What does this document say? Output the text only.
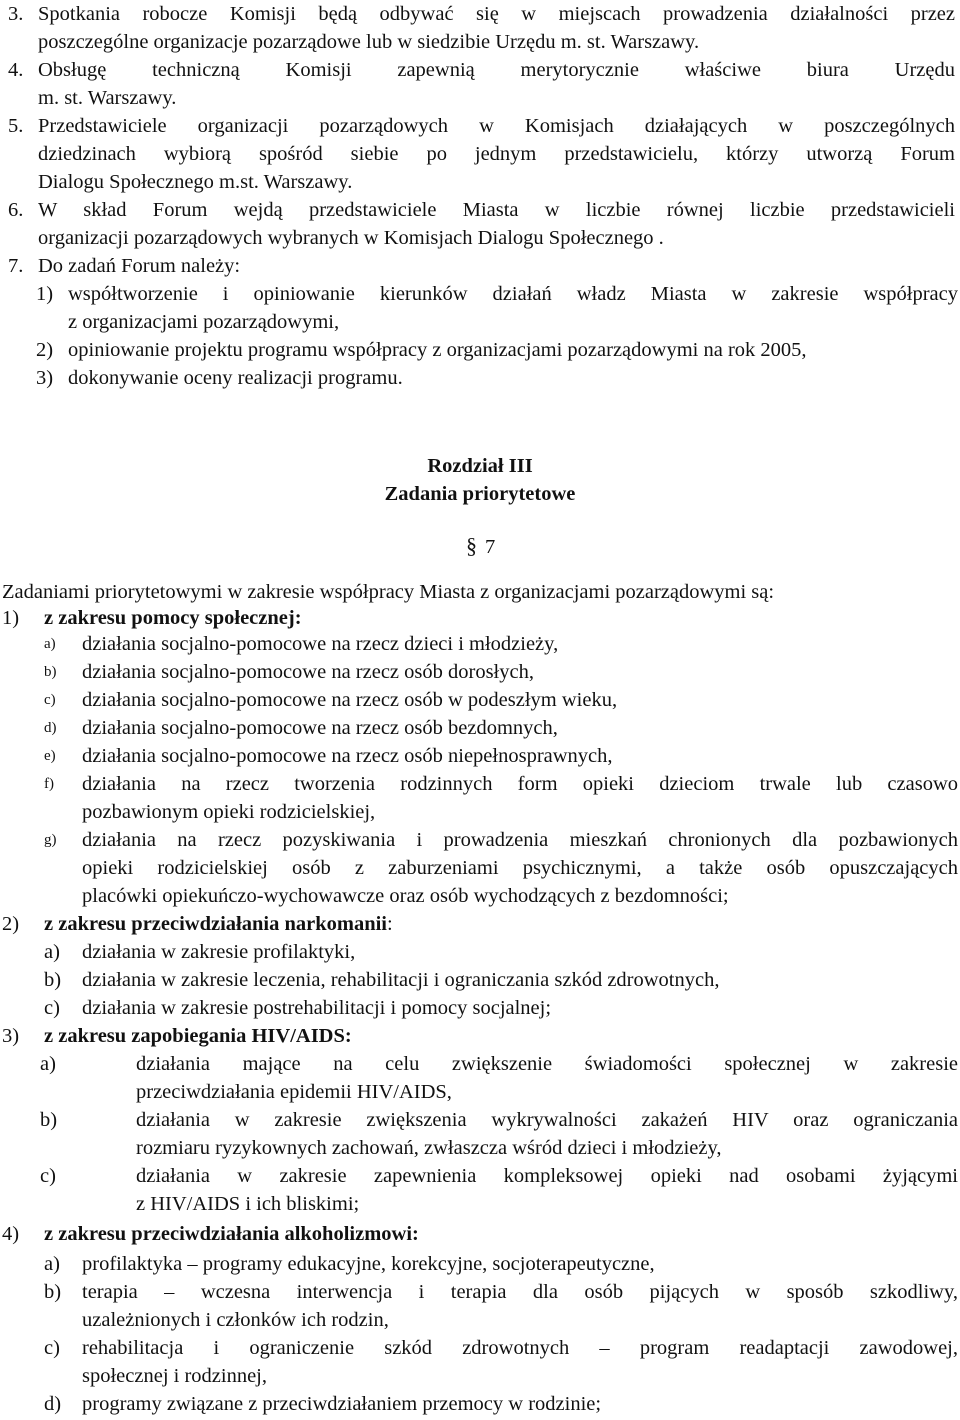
3. Spotkania robocze Komisji będą odbywać się w miejscach prowadzenia działalności przez
poszczególne organizacje pozarządowe lub w siedzibie Urzędu m. st. Warszawy.
4. Obsługę techniczną Komisji zapewnią merytorycznie właściwe biura Urzędu
m. st. Warszawy.
5. Przedstawiciele organizacji pozarządowych w Komisjach działających w poszczególnych
dziedzinach wybiorą spośród siebie po jednym przedstawicielu, którzy utworzą Forum
Dialogu Społecznego m.st. Warszawy.
6. W skład Forum wejdą przedstawiciele Miasta w liczbie równej liczbie przedstawicieli
organizacji pozarządowych wybranych w Komisjach Dialogu Społecznego .
7. Do zadań Forum należy:
1) współtworzenie i opiniowanie kierunków działań władz Miasta w zakresie współpracy
z organizacjami pozarządowymi,
2) opiniowanie projektu programu współpracy z organizacjami pozarządowymi na rok 2005,
3) dokonywanie oceny realizacji programu.
Rozdział III
Zadania priorytetowe
§ 7
Zadaniami priorytetowymi w zakresie współpracy Miasta z organizacjami pozarządowymi są:
1) z zakresu pomocy społecznej:
a) działania socjalno-pomocowe na rzecz dzieci i młodzieży,
b) działania socjalno-pomocowe na rzecz osób dorosłych,
c) działania socjalno-pomocowe na rzecz osób w podeszłym wieku,
d) działania socjalno-pomocowe na rzecz osób bezdomnych,
e) działania socjalno-pomocowe na rzecz osób niepełnosprawnych,
f) działania na rzecz tworzenia rodzinnych form opieki dzieciom trwale lub czasowo
pozbawionym opieki rodzicielskiej,
g) działania na rzecz pozyskiwania i prowadzenia mieszkań chronionych dla pozbawionych
opieki rodzicielskiej osób z zaburzeniami psychicznymi, a także osób opuszczających
placówki opiekuńczo-wychowawcze oraz osób wychodzących z bezdomności;
2) z zakresu przeciwdziałania narkomanii:
a) działania w zakresie profilaktyki,
b) działania w zakresie leczenia, rehabilitacji i ograniczania szkód zdrowotnych,
c) działania w zakresie postrehabilitacji i pomocy socjalnej;
3) z zakresu zapobiegania HIV/AIDS:
a)	działania mające na celu zwiększenie świadomości społecznej w zakresie
przeciwdziałania epidemii HIV/AIDS,
b)	działania w zakresie zwiększenia wykrywalności zakażeń HIV oraz ograniczania
rozmiaru ryzykownych zachowań, zwłaszcza wśród dzieci i młodzieży,
c)	działania w zakresie zapewnienia kompleksowej opieki nad osobami żyjącymi
z HIV/AIDS i ich bliskimi;
4) z zakresu przeciwdziałania alkoholizmowi:
a) profilaktyka – programy edukacyjne, korekcyjne, socjoterapeutyczne,
b) terapia – wczesna interwencja i terapia dla osób pijących w sposób szkodliwy,
uzależnionych i członków ich rodzin,
c) rehabilitacja i ograniczenie szkód zdrowotnych – program readaptacji zawodowej,
społecznej i rodzinnej,
d) programy związane z przeciwdziałaniem przemocy w rodzinie;
